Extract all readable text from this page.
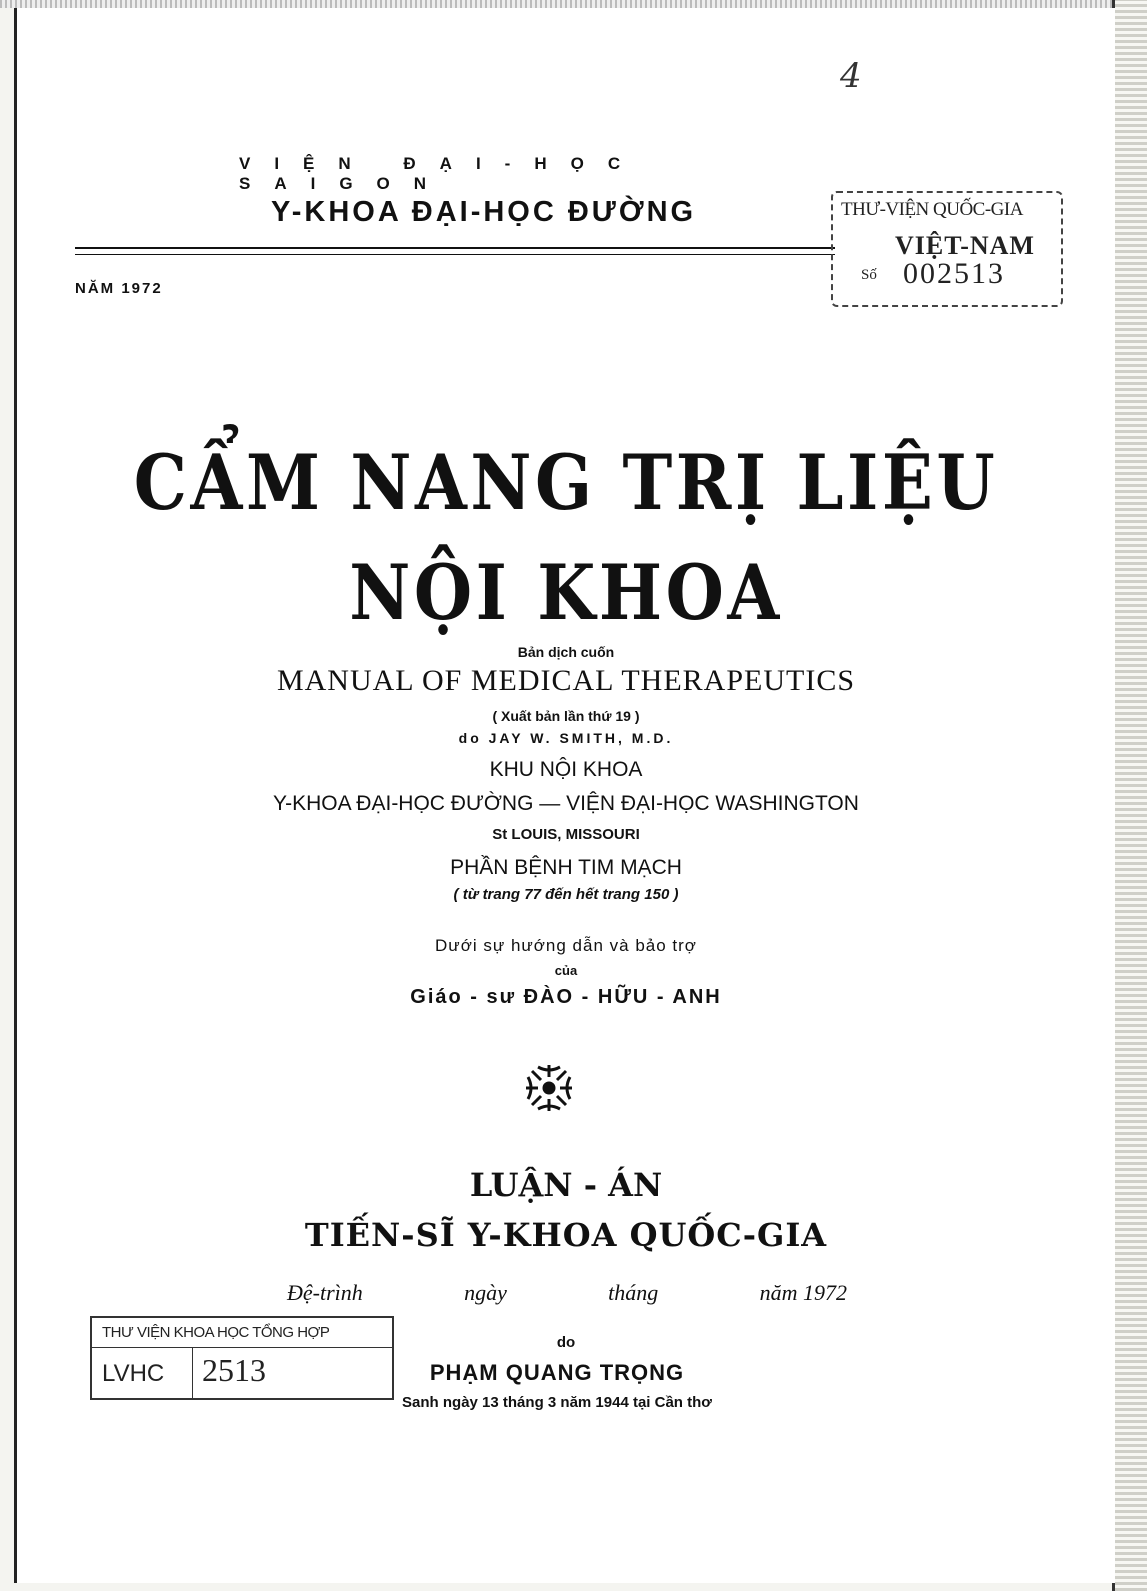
4
VIỆN ĐẠI-HỌC SAIGON
Y-KHOA ĐẠI-HỌC ĐƯỜNG
NĂM 1972
THƯ-VIỆN QUỐC-GIA
VIỆT-NAM
Số 002513
CẨM NANG TRỊ LIỆU
NỘI KHOA
Bản dịch cuốn
MANUAL OF MEDICAL THERAPEUTICS
( Xuất bản lần thứ 19 )
do JAY W. SMITH, M.D.
KHU NỘI KHOA
Y-KHOA ĐẠI-HỌC ĐƯỜNG — VIỆN ĐẠI-HỌC WASHINGTON
St LOUIS, MISSOURI
PHẦN BỆNH TIM MẠCH
( từ trang 77 đến hết trang 150 )
Dưới sự hướng dẫn và bảo trợ
của
Giáo - sư ĐÀO - HỮU - ANH
LUẬN - ÁN
TIẾN-SĨ Y-KHOA QUỐC-GIA
Đệ-trình	ngày	tháng	năm 1972
do
PHẠM QUANG TRỌNG
Sanh ngày 13 tháng 3 năm 1944 tại Cần thơ
THƯ VIỆN KHOA HỌC TỔNG HỢP
LVHC 2513
